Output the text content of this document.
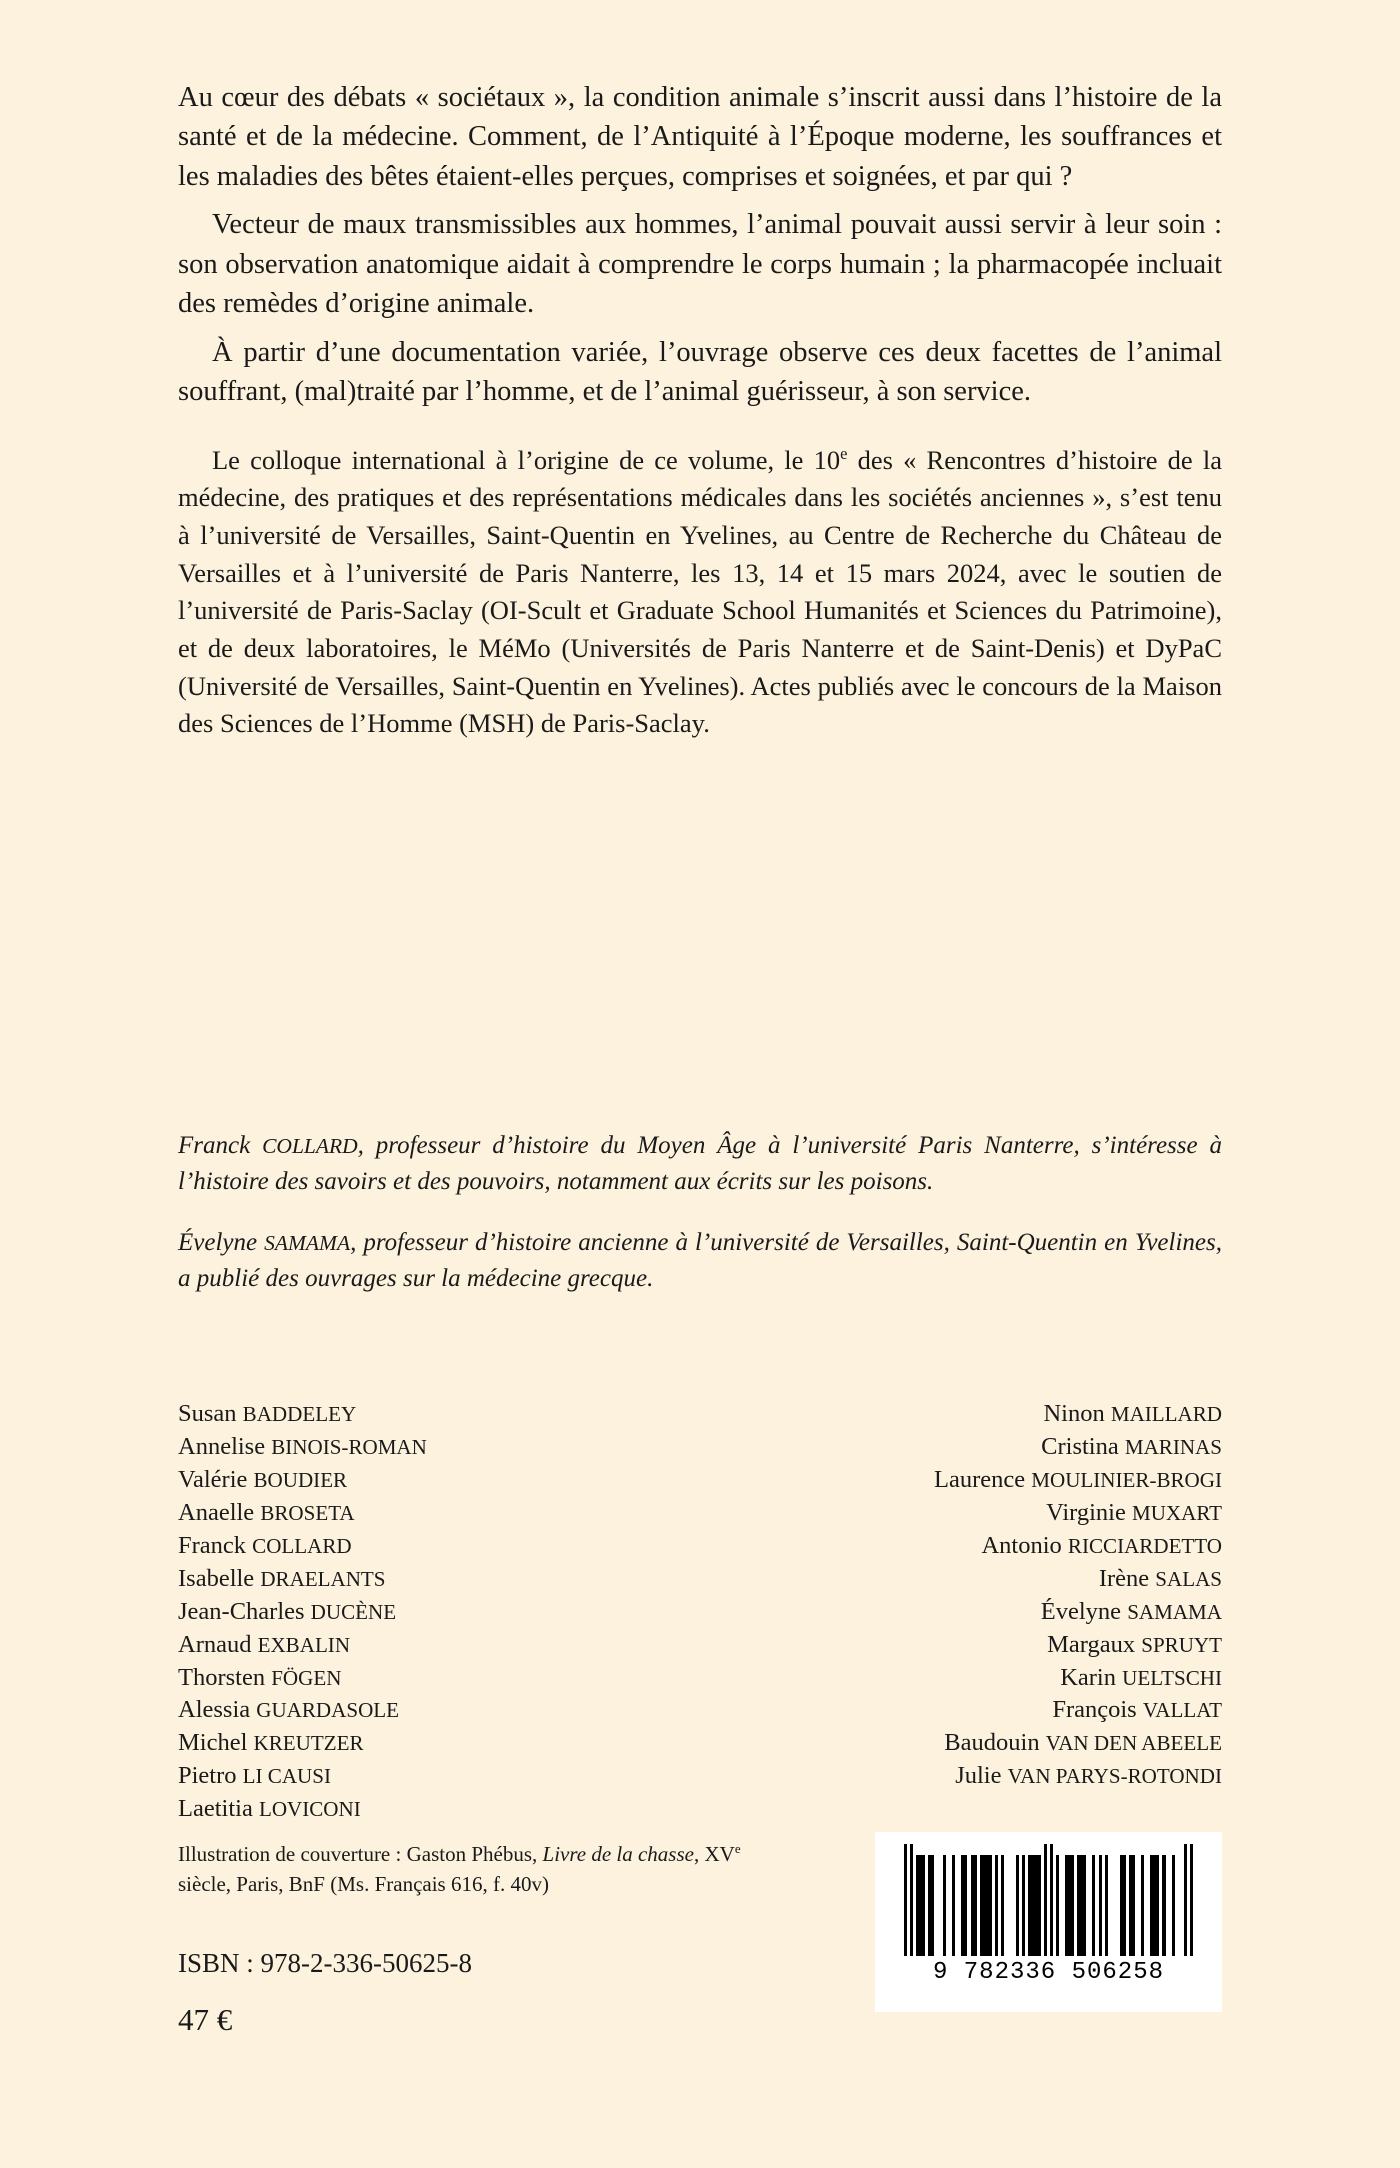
Au cœur des débats « sociétaux », la condition animale s’inscrit aussi dans l’histoire de la santé et de la médecine. Comment, de l’Antiquité à l’Époque moderne, les souffrances et les maladies des bêtes étaient-elles perçues, comprises et soignées, et par qui ?

Vecteur de maux transmissibles aux hommes, l’animal pouvait aussi servir à leur soin : son observation anatomique aidait à comprendre le corps humain ; la pharmacopée incluait des remèdes d’origine animale.

À partir d’une documentation variée, l’ouvrage observe ces deux facettes de l’animal souffrant, (mal)traité par l’homme, et de l’animal guérisseur, à son service.

Le colloque international à l’origine de ce volume, le 10e des « Rencontres d’histoire de la médecine, des pratiques et des représentations médicales dans les sociétés anciennes », s’est tenu à l’université de Versailles, Saint-Quentin en Yvelines, au Centre de Recherche du Château de Versailles et à l’université de Paris Nanterre, les 13, 14 et 15 mars 2024, avec le soutien de l’université de Paris-Saclay (OI-Scult et Graduate School Humanités et Sciences du Patrimoine), et de deux laboratoires, le MéMo (Universités de Paris Nanterre et de Saint-Denis) et DyPaC (Université de Versailles, Saint-Quentin en Yvelines). Actes publiés avec le concours de la Maison des Sciences de l’Homme (MSH) de Paris-Saclay.

Franck COLLARD, professeur d’histoire du Moyen Âge à l’université Paris Nanterre, s’intéresse à l’histoire des savoirs et des pouvoirs, notamment aux écrits sur les poisons.

Évelyne SAMAMA, professeur d’histoire ancienne à l’université de Versailles, Saint-Quentin en Yvelines, a publié des ouvrages sur la médecine grecque.

Susan BADDELEY
Annelise BINOIS-ROMAN
Valérie BOUDIER
Anaelle BROSETA
Franck COLLARD
Isabelle DRAELANTS
Jean-Charles DUCÈNE
Arnaud EXBALIN
Thorsten FÖGEN
Alessia GUARDASOLE
Michel KREUTZER
Pietro LI CAUSI
Laetitia LOVICONI
Ninon MAILLARD
Cristina MARINAS
Laurence MOULINIER-BROGI
Virginie MUXART
Antonio RICCIARDETTO
Irène SALAS
Évelyne SAMAMA
Margaux SPRUYT
Karin UELTSCHI
François VALLAT
Baudouin VAN DEN ABEELE
Julie VAN PARYS-ROTONDI
Illustration de couverture : Gaston Phébus, Livre de la chasse, XVe siècle, Paris, BnF (Ms. Français 616, f. 40v)
ISBN : 978-2-336-50625-8
47 €
9 782336 506258
